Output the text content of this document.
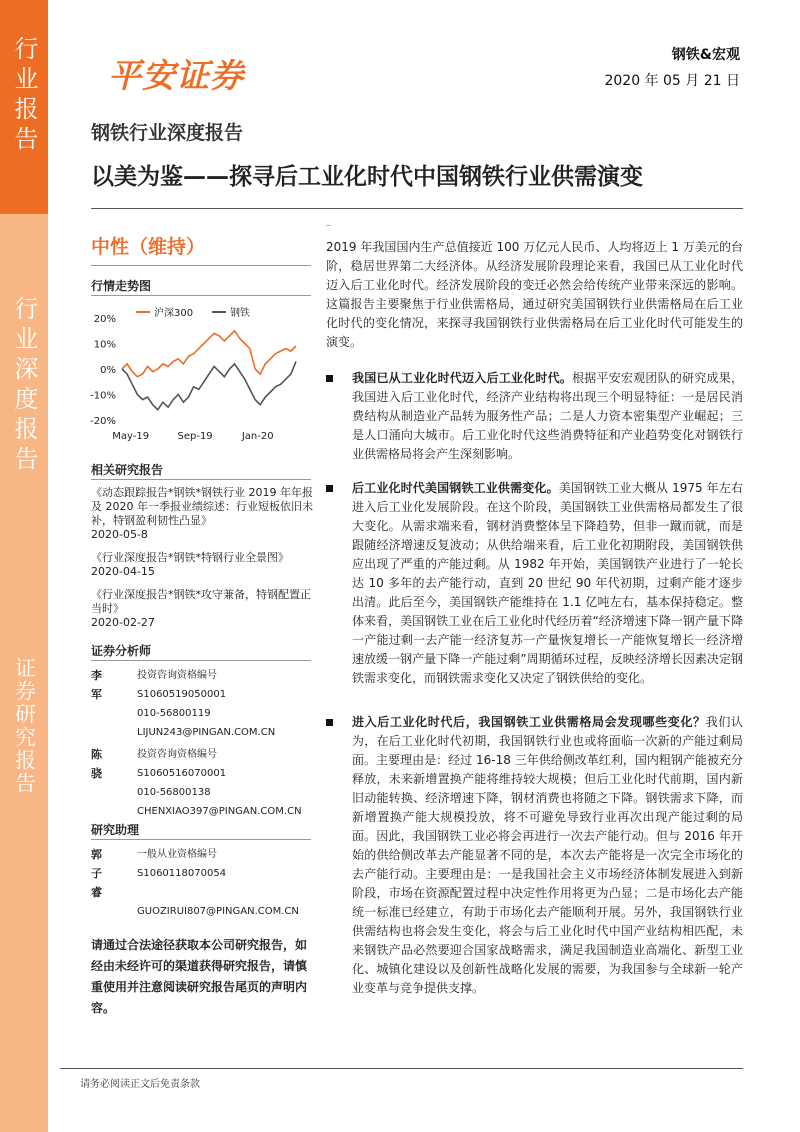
行业报告
行业深度报告
证券研究报告
平安证券
钢铁&宏观
2020 年 05 月 21 日
钢铁行业深度报告
以美为鉴——探寻后工业化时代中国钢铁行业供需演变
中性（维持）
行情走势图
20%
10%
0%
-10%
-20%
May-19	Sep-19	Jan-20
沪深300	钢铁
相关研究报告
《动态跟踪报告*钢铁*钢铁行业 2019 年年报及 2020 年一季报业绩综述：行业短板依旧未补，特钢盈利韧性凸显》
2020-05-8
《行业深度报告*钢铁*特钢行业全景图》
2020-04-15
《行业深度报告*钢铁*攻守兼备，特钢配置正当时》
2020-02-27
证券分析师
李军
投资咨询资格编号
S1060519050001
010-56800119
LIJUN243@PINGAN.COM.CN
陈骁
投资咨询资格编号
S1060516070001
010-56800138
CHENXIAO397@PINGAN.COM.CN
研究助理
郭子睿
一般从业资格编号
S1060118070054
GUOZIRUI807@PINGAN.COM.CN
请通过合法途径获取本公司研究报告，如经由未经许可的渠道获得研究报告，请慎重使用并注意阅读研究报告尾页的声明内容。
–
2019 年我国国内生产总值接近 100 万亿元人民币、人均将迈上 1 万美元的台阶，稳居世界第二大经济体。从经济发展阶段理论来看，我国已从工业化时代迈入后工业化时代。经济发展阶段的变迁必然会给传统产业带来深远的影响。这篇报告主要聚焦于行业供需格局，通过研究美国钢铁行业供需格局在后工业化时代的变化情况，来探寻我国钢铁行业供需格局在后工业化时代可能发生的演变。
我国已从工业化时代迈入后工业化时代。根据平安宏观团队的研究成果，我国进入后工业化时代，经济产业结构将出现三个明显特征：一是居民消费结构从制造业产品转为服务性产品；二是人力资本密集型产业崛起；三是人口涌向大城市。后工业化时代这些消费特征和产业趋势变化对钢铁行业供需格局将会产生深刻影响。
后工业化时代美国钢铁工业供需变化。美国钢铁工业大概从 1975 年左右进入后工业化发展阶段。在这个阶段，美国钢铁工业供需格局都发生了很大变化。从需求端来看，钢材消费整体呈下降趋势，但非一蹴而就，而是跟随经济增速反复波动；从供给端来看，后工业化初期附段，美国钢铁供应出现了严重的产能过剩。从 1982 年开始，美国钢铁产业进行了一轮长达 10 多年的去产能行动，直到 20 世纪 90 年代初期，过剩产能才逐步出清。此后至今，美国钢铁产能维持在 1.1 亿吨左右，基本保持稳定。整体来看，美国钢铁工业在后工业化时代经历着“经济增速下降一钢产量下降一产能过剩一去产能一经济复苏一产量恢复增长一产能恢复增长一经济增速放缓一钢产量下降一产能过剩”周期循环过程，反映经济增长因素决定钢铁需求变化，而钢铁需求变化又决定了钢铁供给的变化。
进入后工业化时代后，我国钢铁工业供需格局会发现哪些变化？我们认为，在后工业化时代初期，我国钢铁行业也或将面临一次新的产能过剩局面。主要理由是：经过 16-18 三年供给侧改革红利，国内粗钢产能被充分释放，未来新增置换产能将维持较大规模；但后工业化时代前期，国内新旧动能转换、经济增速下降，钢材消费也将随之下降。钢铁需求下降，而新增置换产能大规模投放，将不可避免导致行业再次出现产能过剩的局面。因此，我国钢铁工业必将会再进行一次去产能行动。但与 2016 年开始的供给侧改革去产能显著不同的是，本次去产能将是一次完全市场化的去产能行动。主要理由是：一是我国社会主义市场经济体制发展进入到新阶段，市场在资源配置过程中决定性作用将更为凸显；二是市场化去产能统一标准已经建立，有助于市场化去产能顺利开展。另外，我国钢铁行业供需结构也将会发生变化，将会与后工业化时代中国产业结构相匹配，未来钢铁产品必然要迎合国家战略需求，满足我国制造业高端化、新型工业化、城镇化建设以及创新性战略化发展的需要，为我国参与全球新一轮产业变革与竞争提供支撑。
请务必阅读正文后免责条款
